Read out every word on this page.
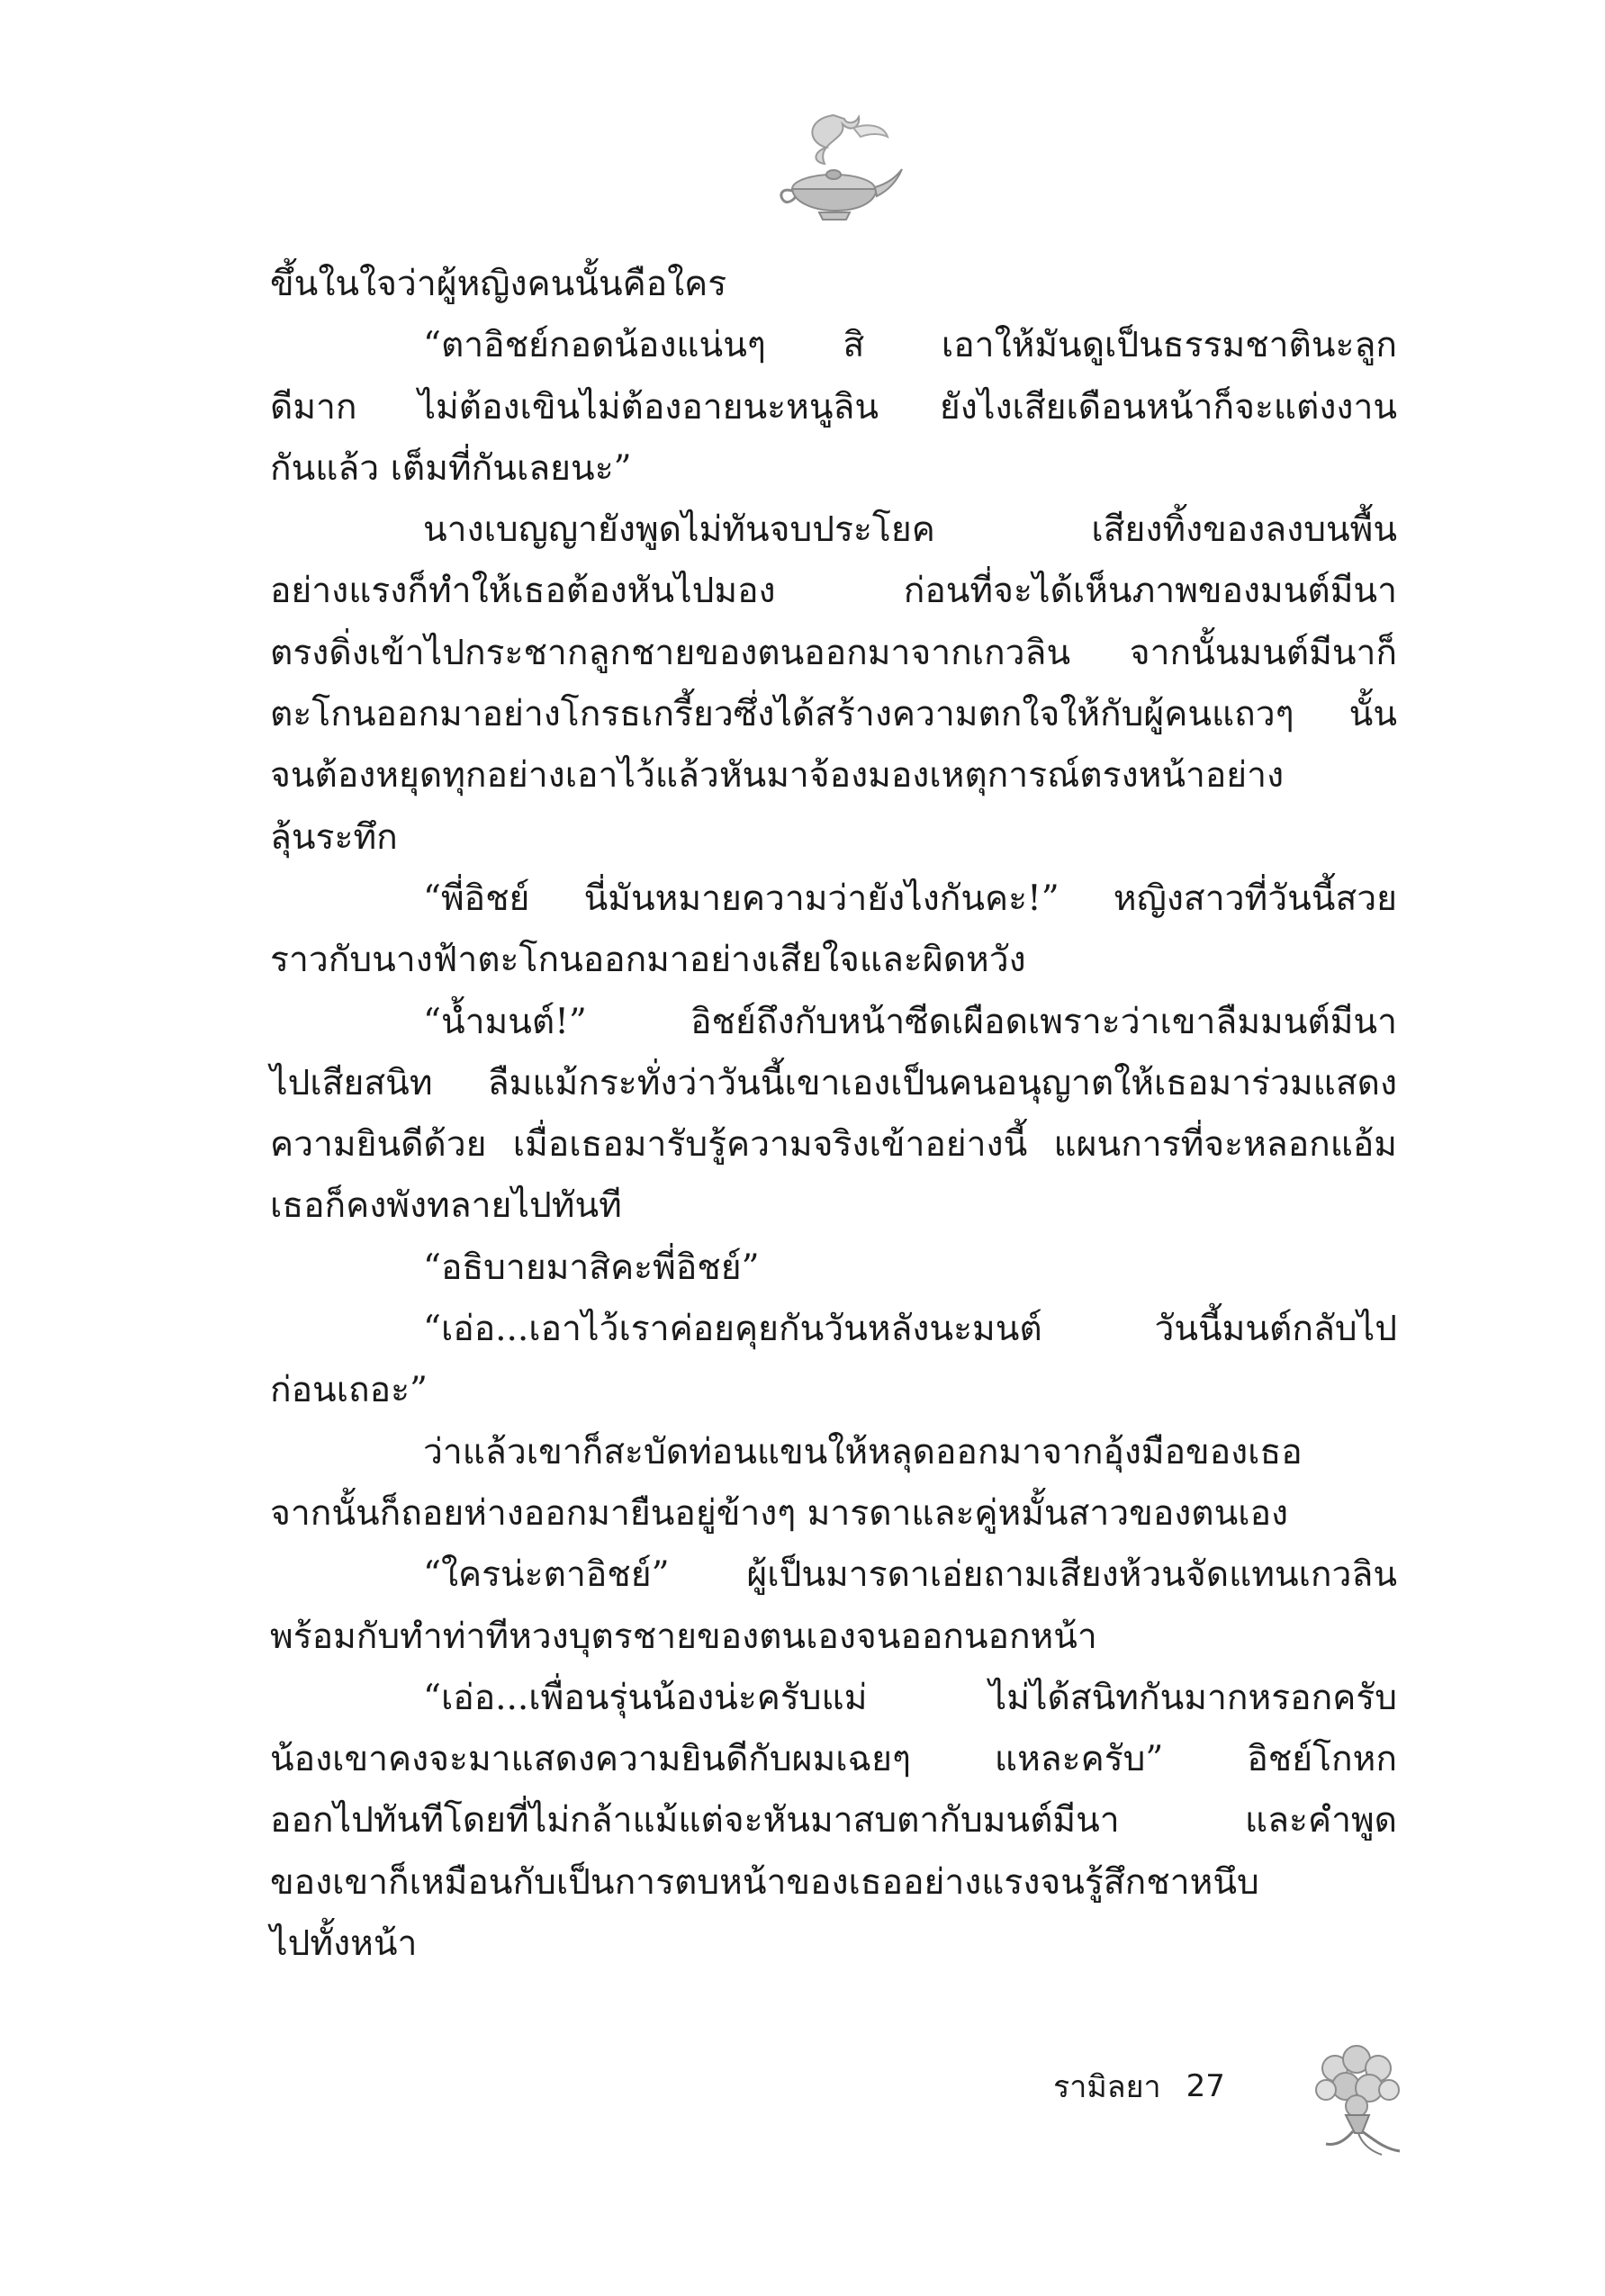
ขึ้นในใจว่าผู้หญิงคนนั้นคือใคร
“ตาอิชย์กอดน้องแน่นๆ สิ เอาให้มันดูเป็นธรรมชาตินะลูก
ดีมาก ไม่ต้องเขินไม่ต้องอายนะหนูลิน ยังไงเสียเดือนหน้าก็จะแต่งงาน
กันแล้ว เต็มที่กันเลยนะ”
นางเบญญายังพูดไม่ทันจบประโยค เสียงทิ้งของลงบนพื้น
อย่างแรงก็ทำให้เธอต้องหันไปมอง ก่อนที่จะได้เห็นภาพของมนต์มีนา
ตรงดิ่งเข้าไปกระชากลูกชายของตนออกมาจากเกวลิน จากนั้นมนต์มีนาก็
ตะโกนออกมาอย่างโกรธเกรี้ยวซึ่งได้สร้างความตกใจให้กับผู้คนแถวๆ นั้น
จนต้องหยุดทุกอย่างเอาไว้แล้วหันมาจ้องมองเหตุการณ์ตรงหน้าอย่าง
ลุ้นระทึก
“พี่อิชย์ นี่มันหมายความว่ายังไงกันคะ!” หญิงสาวที่วันนี้สวย
ราวกับนางฟ้าตะโกนออกมาอย่างเสียใจและผิดหวัง
“น้ำมนต์!” อิชย์ถึงกับหน้าซีดเผือดเพราะว่าเขาลืมมนต์มีนา
ไปเสียสนิท ลืมแม้กระทั่งว่าวันนี้เขาเองเป็นคนอนุญาตให้เธอมาร่วมแสดง
ความยินดีด้วย เมื่อเธอมารับรู้ความจริงเข้าอย่างนี้ แผนการที่จะหลอกแอ้ม
เธอก็คงพังทลายไปทันที
“อธิบายมาสิคะพี่อิชย์”
“เอ่อ...เอาไว้เราค่อยคุยกันวันหลังนะมนต์ วันนี้มนต์กลับไป
ก่อนเถอะ”
ว่าแล้วเขาก็สะบัดท่อนแขนให้หลุดออกมาจากอุ้งมือของเธอ
จากนั้นก็ถอยห่างออกมายืนอยู่ข้างๆ มารดาและคู่หมั้นสาวของตนเอง
“ใครน่ะตาอิชย์” ผู้เป็นมารดาเอ่ยถามเสียงห้วนจัดแทนเกวลิน
พร้อมกับทำท่าทีหวงบุตรชายของตนเองจนออกนอกหน้า
“เอ่อ...เพื่อนรุ่นน้องน่ะครับแม่ ไม่ได้สนิทกันมากหรอกครับ
น้องเขาคงจะมาแสดงความยินดีกับผมเฉยๆ แหละครับ” อิชย์โกหก
ออกไปทันทีโดยที่ไม่กล้าแม้แต่จะหันมาสบตากับมนต์มีนา และคำพูด
ของเขาก็เหมือนกับเป็นการตบหน้าของเธออย่างแรงจนรู้สึกชาหนึบ
ไปทั้งหน้า
รามิลยา 27
